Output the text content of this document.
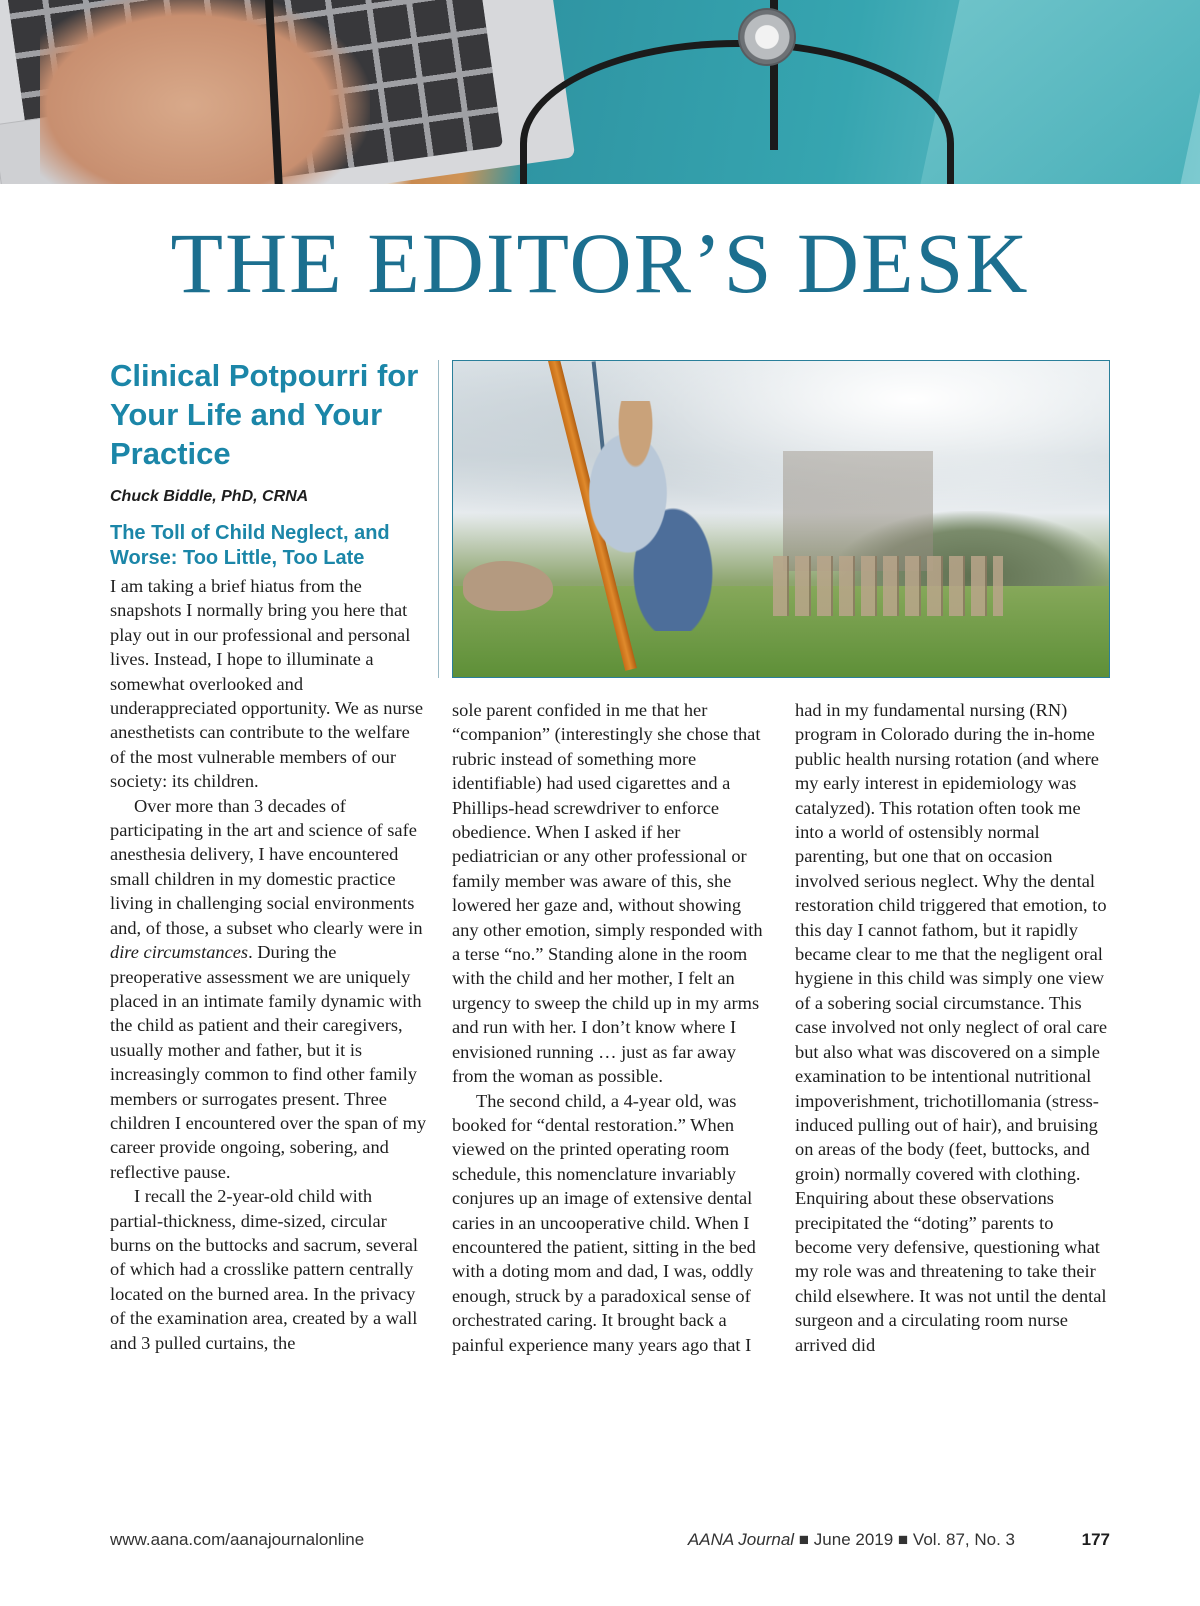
THE EDITOR’S DESK
Clinical Potpourri for Your Life and Your Practice
Chuck Biddle, PhD, CRNA
The Toll of Child Neglect, and Worse: Too Little, Too Late

I am taking a brief hiatus from the snapshots I normally bring you here that play out in our professional and personal lives. Instead, I hope to illuminate a somewhat overlooked and underappreciated opportunity. We as nurse anesthetists can contribute to the welfare of the most vulnerable members of our society: its children.

Over more than 3 decades of participating in the art and science of safe anesthesia delivery, I have encountered small children in my domestic practice living in challenging social environments and, of those, a subset who clearly were in dire circumstances. During the preoperative assessment we are uniquely placed in an intimate family dynamic with the child as patient and their caregivers, usually mother and father, but it is increasingly common to find other family members or surrogates present. Three children I encountered over the span of my career provide ongoing, sobering, and reflective pause.

I recall the 2-year-old child with partial-thickness, dime-sized, circular burns on the buttocks and sacrum, several of which had a crosslike pattern centrally located on the burned area. In the privacy of the examination area, created by a wall and 3 pulled curtains, the

sole parent confided in me that her “companion” (interestingly she chose that rubric instead of something more identifiable) had used cigarettes and a Phillips-head screwdriver to enforce obedience. When I asked if her pediatrician or any other professional or family member was aware of this, she lowered her gaze and, without showing any other emotion, simply responded with a terse “no.” Standing alone in the room with the child and her mother, I felt an urgency to sweep the child up in my arms and run with her. I don’t know where I envisioned running … just as far away from the woman as possible.

The second child, a 4-year old, was booked for “dental restoration.” When viewed on the printed operating room schedule, this nomenclature invariably conjures up an image of extensive dental caries in an uncooperative child. When I encountered the patient, sitting in the bed with a doting mom and dad, I was, oddly enough, struck by a paradoxical sense of orchestrated caring. It brought back a painful experience many years ago that I

had in my fundamental nursing (RN) program in Colorado during the in-home public health nursing rotation (and where my early interest in epidemiology was catalyzed). This rotation often took me into a world of ostensibly normal parenting, but one that on occasion involved serious neglect. Why the dental restoration child triggered that emotion, to this day I cannot fathom, but it rapidly became clear to me that the negligent oral hygiene in this child was simply one view of a sobering social circumstance. This case involved not only neglect of oral care but also what was discovered on a simple examination to be intentional nutritional impoverishment, trichotillomania (stress-induced pulling out of hair), and bruising on areas of the body (feet, buttocks, and groin) normally covered with clothing. Enquiring about these observations precipitated the “doting” parents to become very defensive, questioning what my role was and threatening to take their child elsewhere. It was not until the dental surgeon and a circulating room nurse arrived did

www.aana.com/aanajournalonline	AANA Journal ■ June 2019 ■ Vol. 87, No. 3	177
